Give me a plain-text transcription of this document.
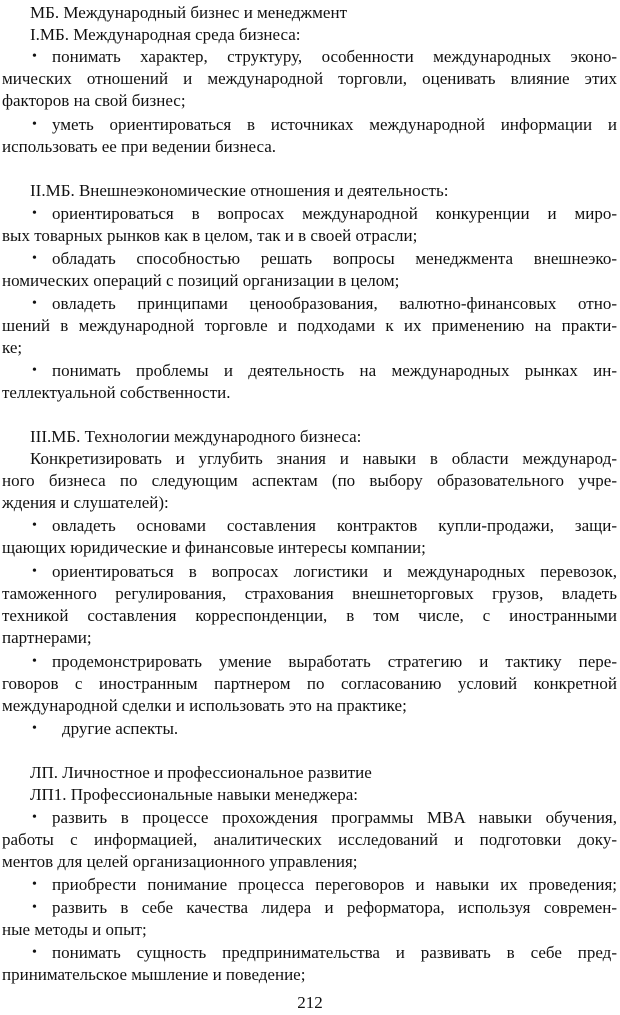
МБ. Международный бизнес и менеджмент
I.МБ. Международная среда бизнеса:
• понимать характер, структуру, особенности международных эконо-
мических отношений и международной торговли, оценивать влияние этих
факторов на свой бизнес;
• уметь ориентироваться в источниках международной информации и
использовать ее при ведении бизнеса.
II.МБ. Внешнеэкономические отношения и деятельность:
• ориентироваться в вопросах международной конкуренции и миро-
вых товарных рынков как в целом, так и в своей отрасли;
• обладать способностью решать вопросы менеджмента внешнеэко-
номических операций с позиций организации в целом;
• овладеть принципами ценообразования, валютно-финансовых отно-
шений в международной торговле и подходами к их применению на практи-
ке;
• понимать проблемы и деятельность на международных рынках ин-
теллектуальной собственности.
III.МБ. Технологии международного бизнеса:
Конкретизировать и углубить знания и навыки в области международ-
ного бизнеса по следующим аспектам (по выбору образовательного учре-
ждения и слушателей):
• овладеть основами составления контрактов купли-продажи, защи-
щающих юридические и финансовые интересы компании;
• ориентироваться в вопросах логистики и международных перевозок,
таможенного регулирования, страхования внешнеторговых грузов, владеть
техникой составления корреспонденции, в том числе, с иностранными
партнерами;
• продемонстрировать умение выработать стратегию и тактику пере-
говоров с иностранным партнером по согласованию условий конкретной
международной сделки и использовать это на практике;
• другие аспекты.
ЛП. Личностное и профессиональное развитие
ЛП1. Профессиональные навыки менеджера:
• развить в процессе прохождения программы MBA навыки обучения,
работы с информацией, аналитических исследований и подготовки доку-
ментов для целей организационного управления;
• приобрести понимание процесса переговоров и навыки их проведения;
• развить в себе качества лидера и реформатора, используя современ-
ные методы и опыт;
• понимать сущность предпринимательства и развивать в себе пред-
принимательское мышление и поведение;
212
